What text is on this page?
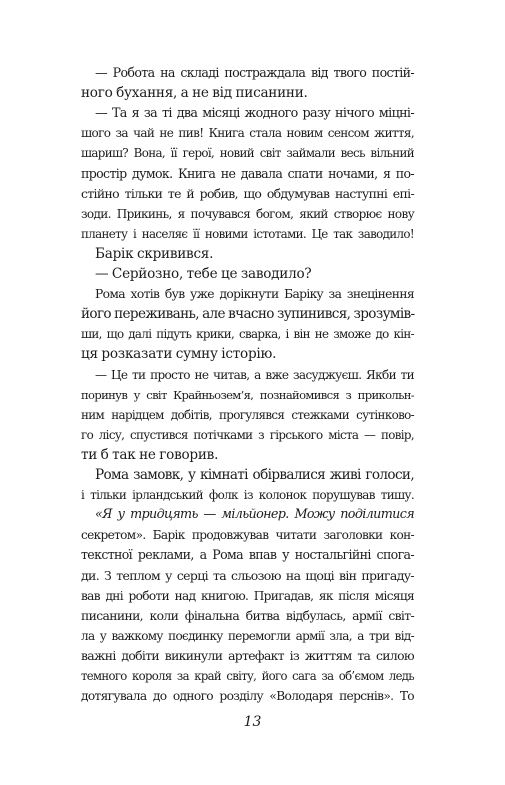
— Робота на складі постраждала від твого постій-
ного бухання, а не від писанини.
— Та я за ті два місяці жодного разу нічого міцні-
шого за чай не пив! Книга стала новим сенсом життя,
шариш? Вона, її герої, новий світ займали весь вільний
простір думок. Книга не давала спати ночами, я по-
стійно тільки те й робив, що обдумував наступні епі-
зоди. Прикинь, я почувався богом, який створює нову
планету і населяє її новими істотами. Це так заводило!
Барік скривився.
— Серйозно, тебе це заводило?
Рома хотів був уже дорікнути Барікy за знецінення
його переживань, але вчасно зупинився, зрозумів-
ши, що далі підуть крики, сварка, і він не зможе до кін-
ця розказати сумну історію.
— Це ти просто не читав, а вже засуджуєш. Якби ти
поринув у світ Крайньозем’я, познайомився з прикольн-
ним нарідцем добітів, прогулявся стежками сутінково-
го лісу, спустився потічками з гірського міста — повір,
ти б так не говорив.
Рома замовк, у кімнаті обірвалися живі голоси,
і тільки ірландський фолк із колонок порушував тишу.
«Я у тридцять — мільйонер. Можу поділитися
секретом». Барік продовжував читати заголовки кон-
текстної реклами, а Рома впав у ностальгійні спога-
ди. З теплом у серці та сльозою на щоці він пригаду-
вав дні роботи над книгою. Пригадав, як після місяця
писанини, коли фінальна битва відбулась, армії світ-
ла у важкому поєдинку перемогли армії зла, а три від-
важні добіти викинули артефакт із життям та силою
темного короля за край світу, його сага за об’ємом ледь
дотягувала до одного розділу «Володаря перснів». То
13
